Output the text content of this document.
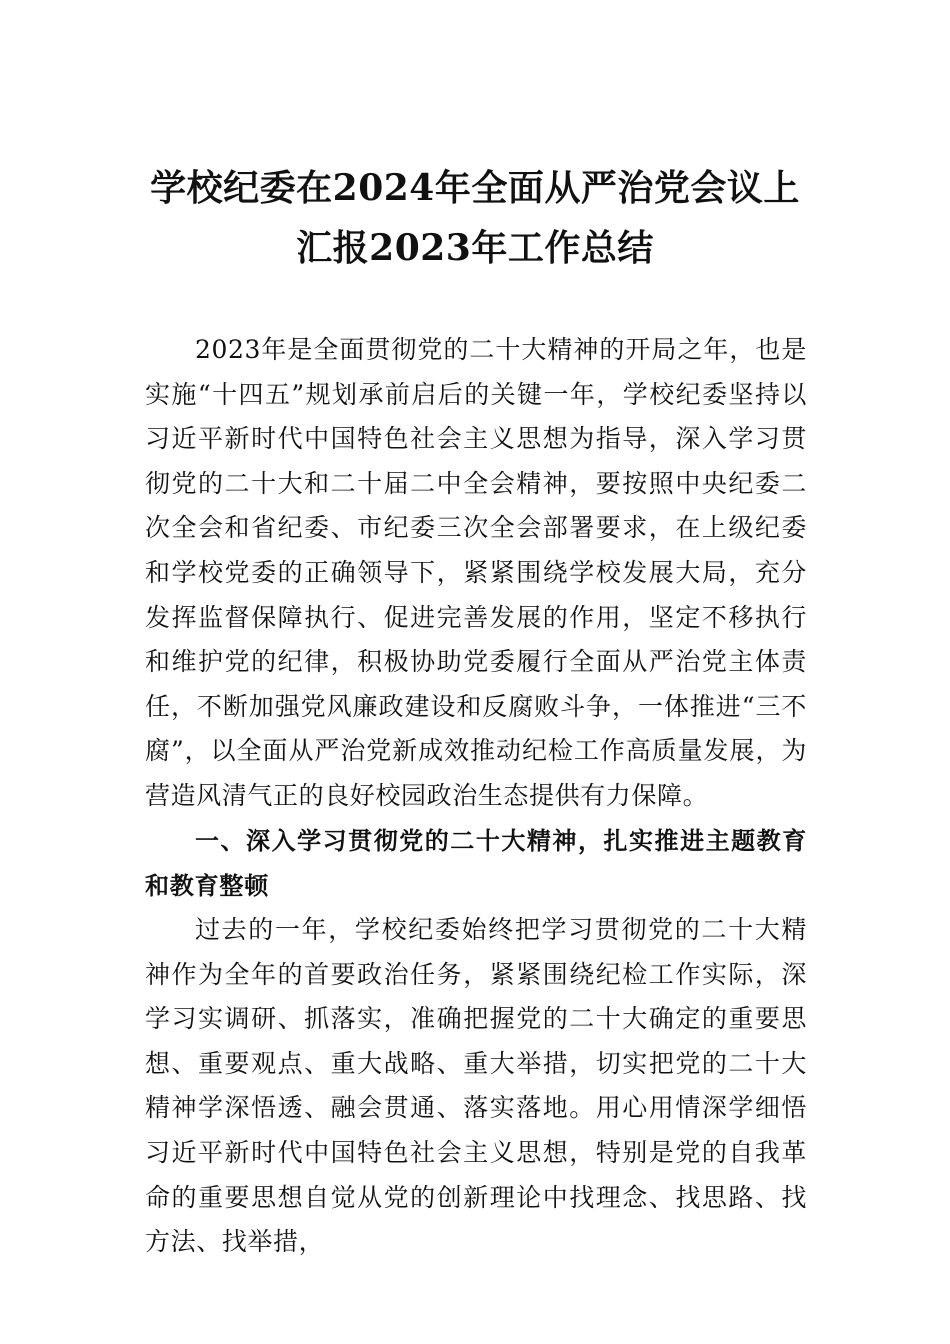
学校纪委在2024年全面从严治党会议上汇报2023年工作总结

2023年是全面贯彻党的二十大精神的开局之年，也是实施“十四五”规划承前启后的关键一年，学校纪委坚持以习近平新时代中国特色社会主义思想为指导，深入学习贯彻党的二十大和二十届二中全会精神，要按照中央纪委二次全会和省纪委、市纪委三次全会部署要求，在上级纪委和学校党委的正确领导下，紧紧围绕学校发展大局，充分发挥监督保障执行、促进完善发展的作用，坚定不移执行和维护党的纪律，积极协助党委履行全面从严治党主体责任，不断加强党风廉政建设和反腐败斗争，一体推进“三不腐”，以全面从严治党新成效推动纪检工作高质量发展，为营造风清气正的良好校园政治生态提供有力保障。

一、深入学习贯彻党的二十大精神，扎实推进主题教育和教育整顿

过去的一年，学校纪委始终把学习贯彻党的二十大精神作为全年的首要政治任务，紧紧围绕纪检工作实际，深学习实调研、抓落实，准确把握党的二十大确定的重要思想、重要观点、重大战略、重大举措，切实把党的二十大精神学深悟透、融会贯通、落实落地。用心用情深学细悟习近平新时代中国特色社会主义思想，特别是党的自我革命的重要思想自觉从党的创新理论中找理念、找思路、找方法、找举措，
